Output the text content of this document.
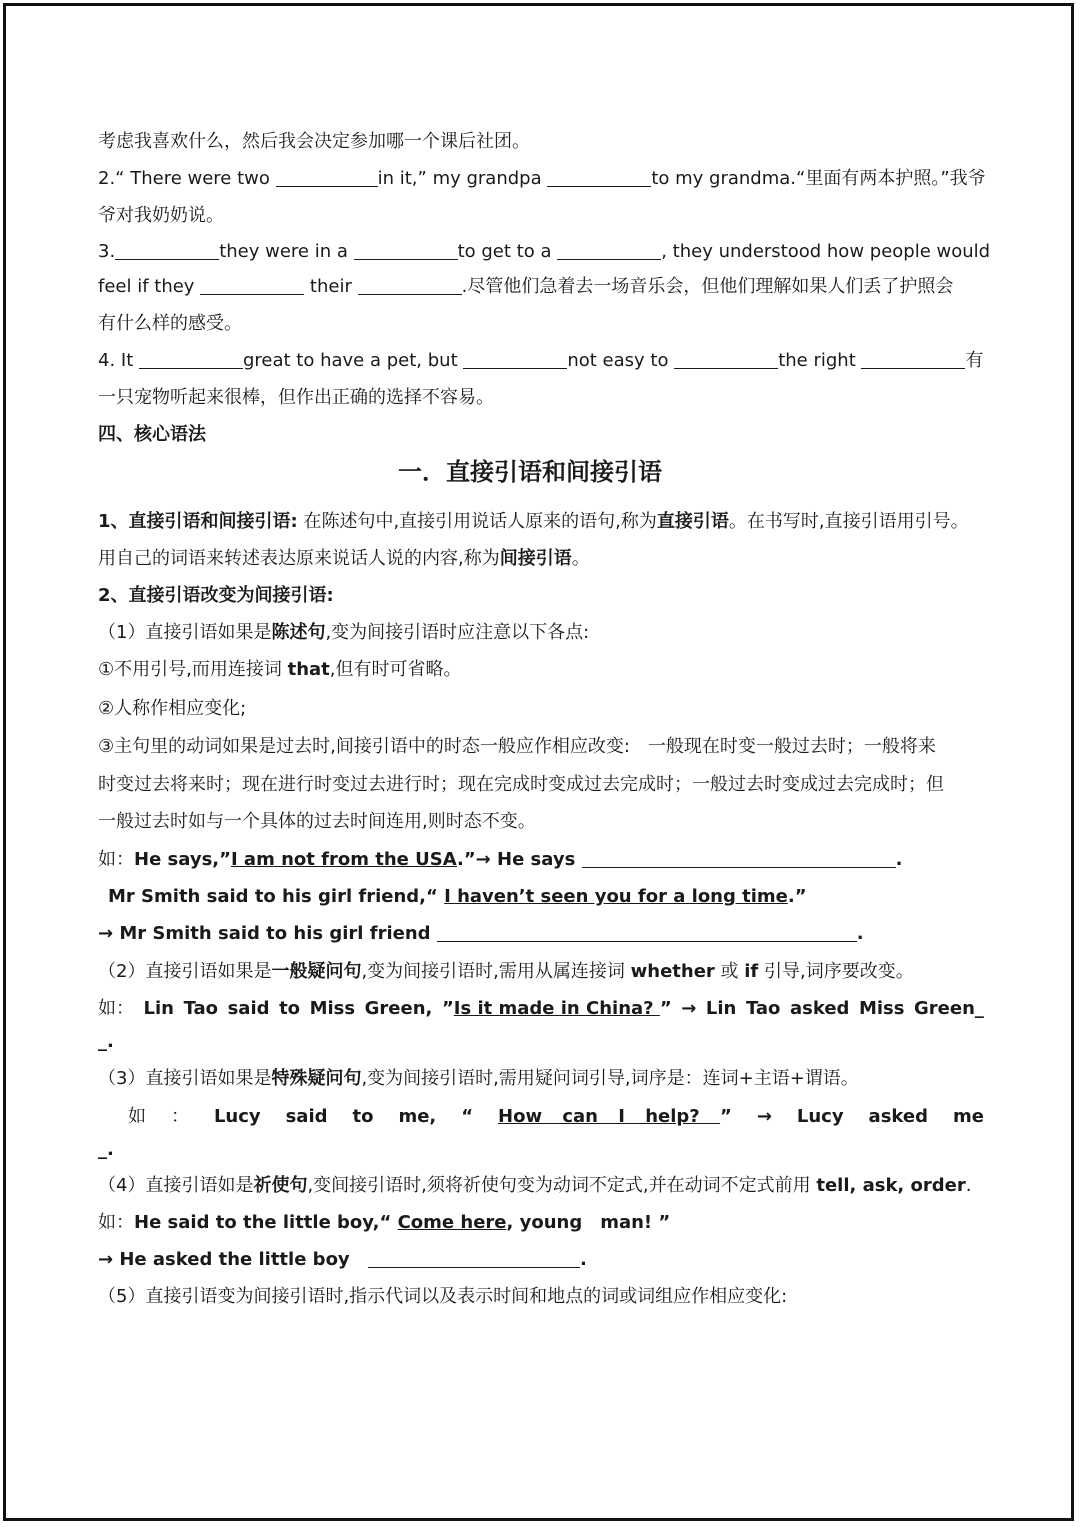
考虑我喜欢什么，然后我会决定参加哪一个课后社团。
2.“ There were two	in it,” my grandpa	to my grandma.“里面有两本护照。”我爷
爷对我奶奶说。
3.	they were in a	to get to a	, they understood how people would
feel if they	their	.尽管他们急着去一场音乐会，但他们理解如果人们丢了护照会
有什么样的感受。
4. It	great to have a pet, but	not easy to	the right	有
一只宠物听起来很棒，但作出正确的选择不容易。
四、核心语法
一．直接引语和间接引语
1、直接引语和间接引语: 在陈述句中,直接引用说话人原来的语句,称为直接引语。在书写时,直接引语用引号。
用自己的词语来转述表达原来说话人说的内容,称为间接引语。
2、直接引语改变为间接引语:
（1）直接引语如果是陈述句,变为间接引语时应注意以下各点:
①不用引号,而用连接词 that,但有时可省略。
②人称作相应变化;
③主句里的动词如果是过去时,间接引语中的时态一般应作相应改变:　一般现在时变一般过去时；一般将来
时变过去将来时；现在进行时变过去进行时；现在完成时变成过去完成时；一般过去时变成过去完成时；但
一般过去时如与一个具体的过去时间连用,则时态不变。
如：He says,”I am not from the USA.”→ He says	.
Mr Smith said to his girl friend,“ I haven’t seen you for a long time.”
→ Mr Smith said to his girl friend	.
（2）直接引语如果是一般疑问句,变为间接引语时,需用从属连接词 whether 或 if 引导,词序要改变。
如： Lin Tao said to Miss Green, ”Is it made in China? ” → Lin Tao asked Miss Green_
_.
（3）直接引语如果是特殊疑问句,变为间接引语时,需用疑问词引导,词序是：连词+主语+谓语。
如 ： Lucy said to me, “ How can I help? ” → Lucy asked me
_.
（4）直接引语如是祈使句,变间接引语时,须将祈使句变为动词不定式,并在动词不定式前用 tell, ask, order.
如：He said to the little boy,“ Come here, young　man! ”
→ He asked the little boy	.
（5）直接引语变为间接引语时,指示代词以及表示时间和地点的词或词组应作相应变化:
